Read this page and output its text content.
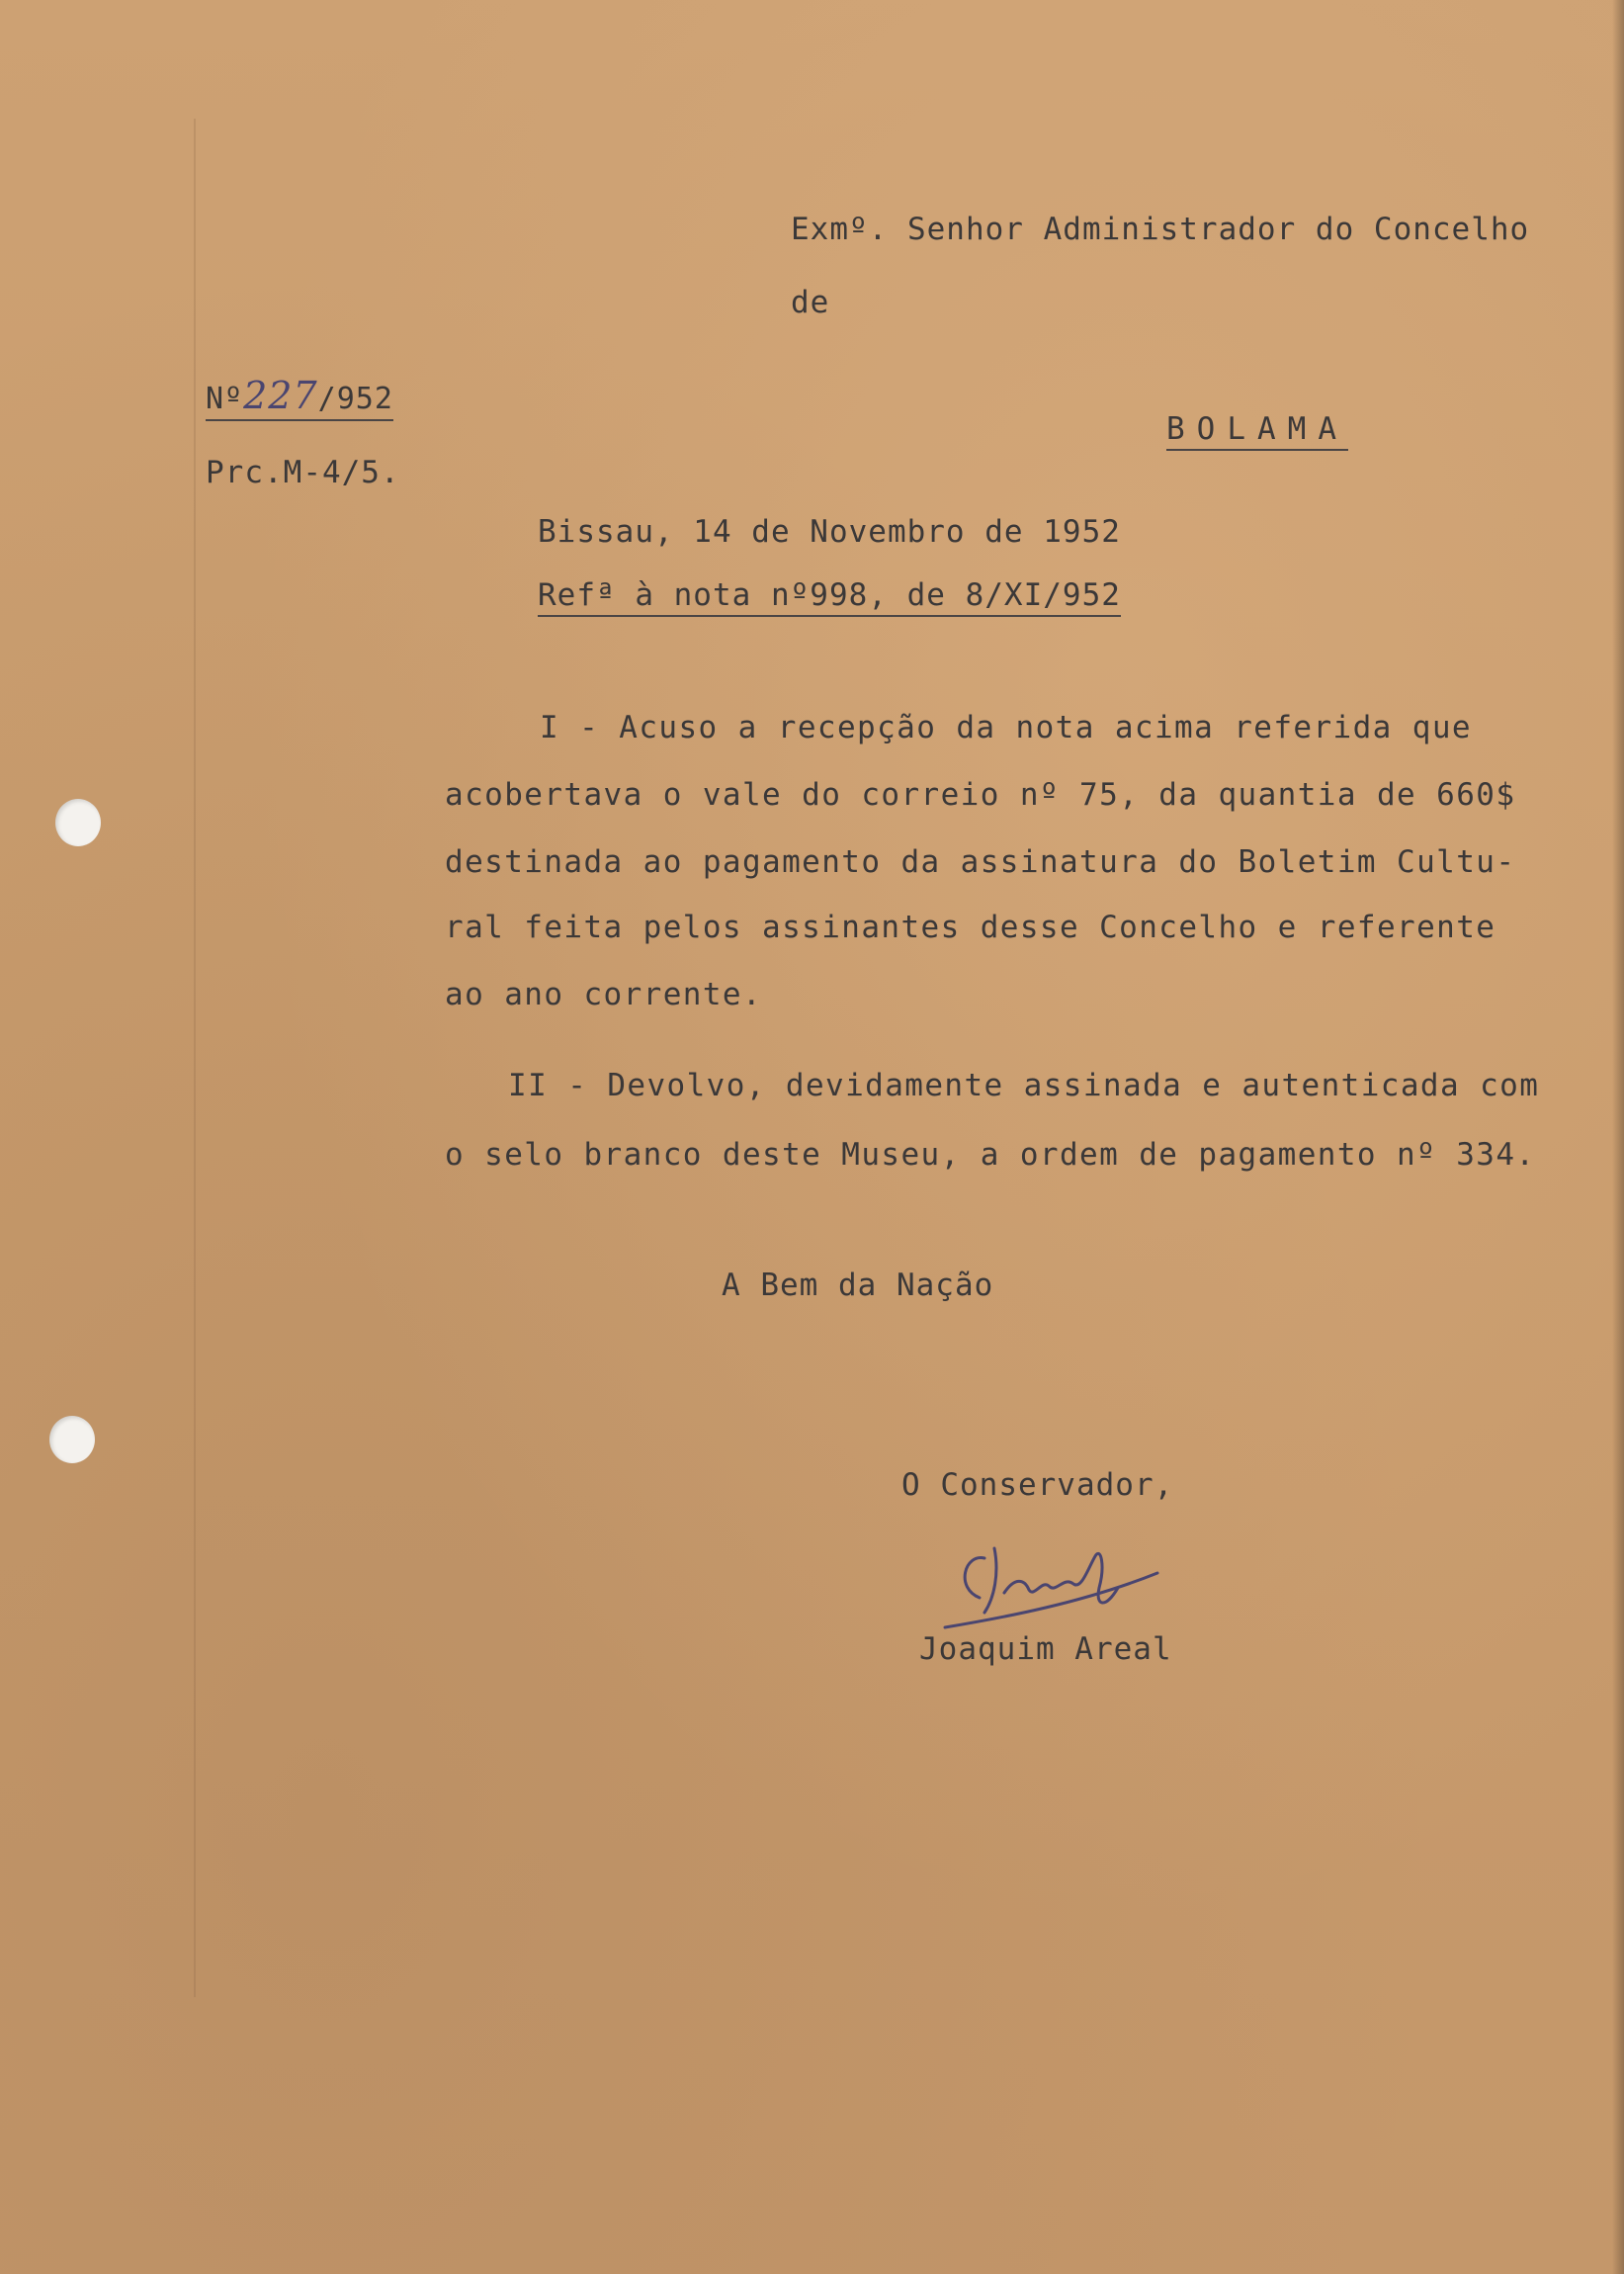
Exmº. Senhor Administrador do Concelho
de
Nº227/952
Prc.M-4/5.
BOLAMA
Bissau, 14 de Novembro de 1952
Refª à nota nº998, de 8/XI/952
I - Acuso a recepção da nota acima referida que
acobertava o vale do correio nº 75, da quantia de 660$
destinada ao pagamento da assinatura do Boletim Cultu-
ral feita pelos assinantes desse Concelho e referente
ao ano corrente.
II - Devolvo, devidamente assinada e autenticada com
o selo branco deste Museu, a ordem de pagamento nº 334.
A Bem da Nação
O Conservador,
Joaquim Areal
